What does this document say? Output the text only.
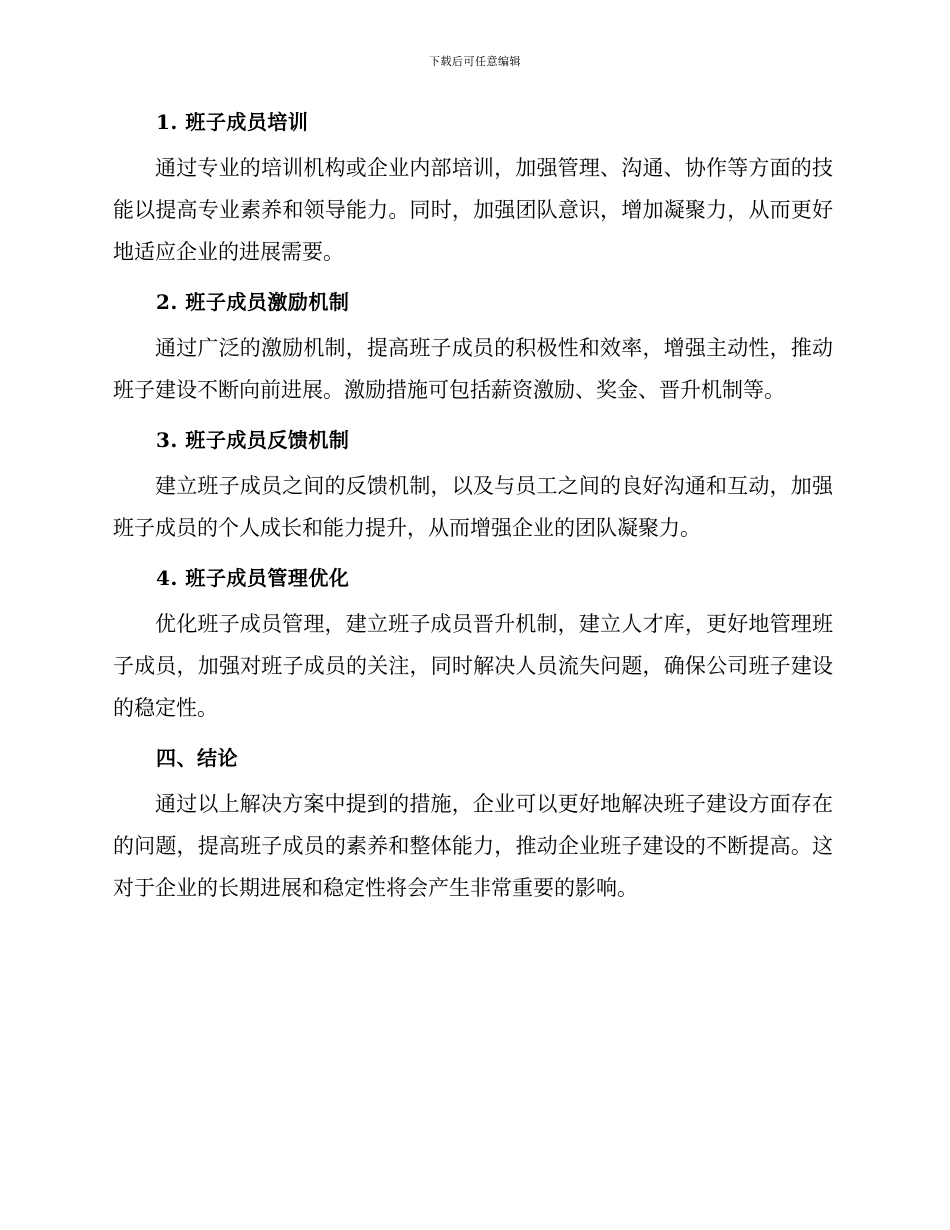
下载后可任意编辑
1. 班子成员培训

通过专业的培训机构或企业内部培训，加强管理、沟通、协作等方面的技能以提高专业素养和领导能力。同时，加强团队意识，增加凝聚力，从而更好地适应企业的进展需要。

2. 班子成员激励机制

通过广泛的激励机制，提高班子成员的积极性和效率，增强主动性，推动班子建设不断向前进展。激励措施可包括薪资激励、奖金、晋升机制等。

3. 班子成员反馈机制

建立班子成员之间的反馈机制，以及与员工之间的良好沟通和互动，加强班子成员的个人成长和能力提升，从而增强企业的团队凝聚力。

4. 班子成员管理优化

优化班子成员管理，建立班子成员晋升机制，建立人才库，更好地管理班子成员，加强对班子成员的关注，同时解决人员流失问题，确保公司班子建设的稳定性。

四、结论

通过以上解决方案中提到的措施，企业可以更好地解决班子建设方面存在的问题，提高班子成员的素养和整体能力，推动企业班子建设的不断提高。这对于企业的长期进展和稳定性将会产生非常重要的影响。
